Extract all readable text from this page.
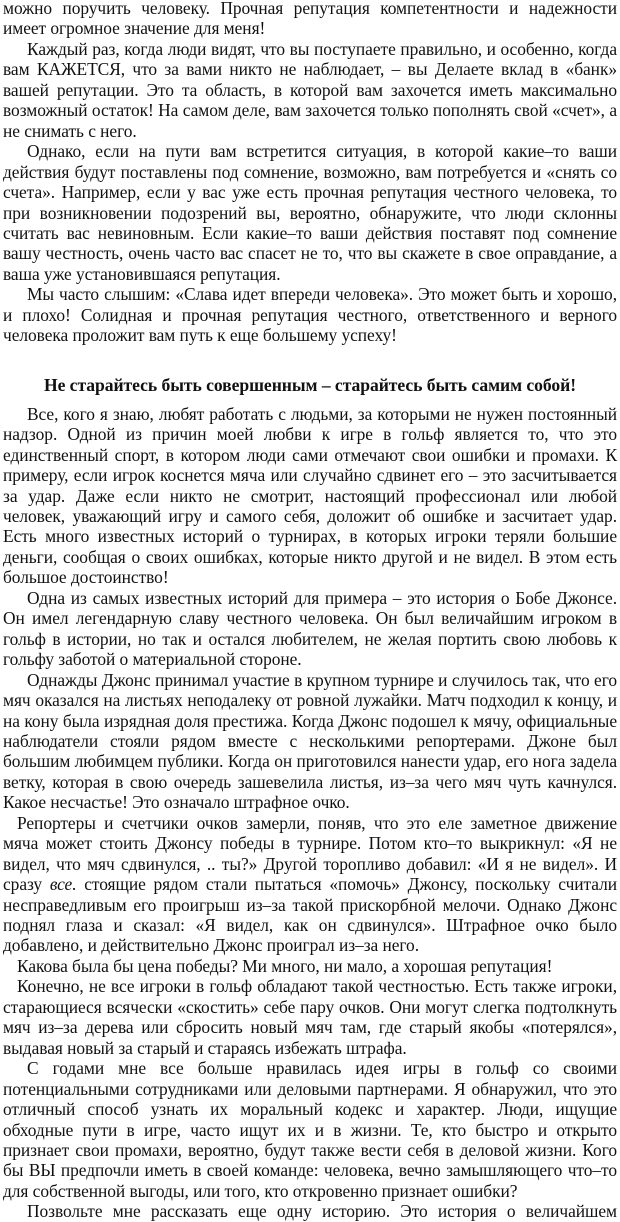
можно поручить человеку. Прочная репутация компетентности и надежности имеет огромное значение для меня!

Каждый раз, когда люди видят, что вы поступаете правильно, и особенно, когда вам КАЖЕТСЯ, что за вами никто не наблюдает, – вы Делаете вклад в «банк» вашей репутации. Это та область, в которой вам захочется иметь максимально возможный остаток! На самом деле, вам захочется только пополнять свой «счет», а не снимать с него.

Однако, если на пути вам встретится ситуация, в которой какие–то ваши действия будут поставлены под сомнение, возможно, вам потребуется и «снять со счета». Например, если у вас уже есть прочная репутация честного человека, то при возникновении подозрений вы, вероятно, обнаружите, что люди склонны считать вас невиновным. Если какие–то ваши действия поставят под сомнение вашу честность, очень часто вас спасет не то, что вы скажете в свое оправдание, а ваша уже установившаяся репутация.

Мы часто слышим: «Слава идет впереди человека». Это может быть и хорошо, и плохо! Солидная и прочная репутация честного, ответственного и верного человека проложит вам путь к еще большему успеху!

Не старайтесь быть совершенным – старайтесь быть самим собой!

Все, кого я знаю, любят работать с людьми, за которыми не нужен постоянный надзор. Одной из причин моей любви к игре в гольф является то, что это единственный спорт, в котором люди сами отмечают свои ошибки и промахи. К примеру, если игрок коснется мяча или случайно сдвинет его – это засчитывается за удар. Даже если никто не смотрит, настоящий профессионал или любой человек, уважающий игру и самого себя, доложит об ошибке и засчитает удар. Есть много известных историй о турнирах, в которых игроки теряли большие деньги, сообщая о своих ошибках, которые никто другой и не видел. В этом есть большое достоинство!

Одна из самых известных историй для примера – это история о Бобе Джонсе. Он имел легендарную славу честного человека. Он был величайшим игроком в гольф в истории, но так и остался любителем, не желая портить свою любовь к гольфу заботой о материальной стороне.

Однажды Джонс принимал участие в крупном турнире и случилось так, что его мяч оказался на листьях неподалеку от ровной лужайки. Матч подходил к концу, и на кону была изрядная доля престижа. Когда Джонс подошел к мячу, официальные наблюдатели стояли рядом вместе с несколькими репортерами. Джоне был большим любимцем публики. Когда он приготовился нанести удар, его нога задела ветку, которая в свою очередь зашевелила листья, из–за чего мяч чуть качнулся. Какое несчастье! Это означало штрафное очко.

Репортеры и счетчики очков замерли, поняв, что это еле заметное движение мяча может стоить Джонсу победы в турнире. Потом кто–то выкрикнул: «Я не видел, что мяч сдвинулся, .. ты?» Другой торопливо добавил: «И я не видел». И сразу все. стоящие рядом стали пытаться «помочь» Джонсу, поскольку считали несправедливым его проигрыш из–за такой прискорбной мелочи. Однако Джонс поднял глаза и сказал: «Я видел, как он сдвинулся». Штрафное очко было добавлено, и действительно Джонс проиграл из–за него.

Какова была бы цена победы? Ми много, ни мало, а хорошая репутация!

Конечно, не все игроки в гольф обладают такой честностью. Есть также игроки, старающиеся всячески «скостить» себе пару очков. Они могут слегка подтолкнуть мяч из–за дерева или сбросить новый мяч там, где старый якобы «потерялся», выдавая новый за старый и стараясь избежать штрафа.

С годами мне все больше нравилась идея игры в гольф со своими потенциальными сотрудниками или деловыми партнерами. Я обнаружил, что это отличный способ узнать их моральный кодекс и характер. Люди, ищущие обходные пути в игре, часто ищут их и в жизни. Те, кто быстро и открыто признает свои промахи, вероятно, будут также вести себя в деловой жизни. Кого бы ВЫ предпочли иметь в своей команде: человека, вечно замышляющего что–то для собственной выгоды, или того, кто откровенно признает ошибки?

Позвольте мне рассказать еще одну историю. Это история о величайшем
